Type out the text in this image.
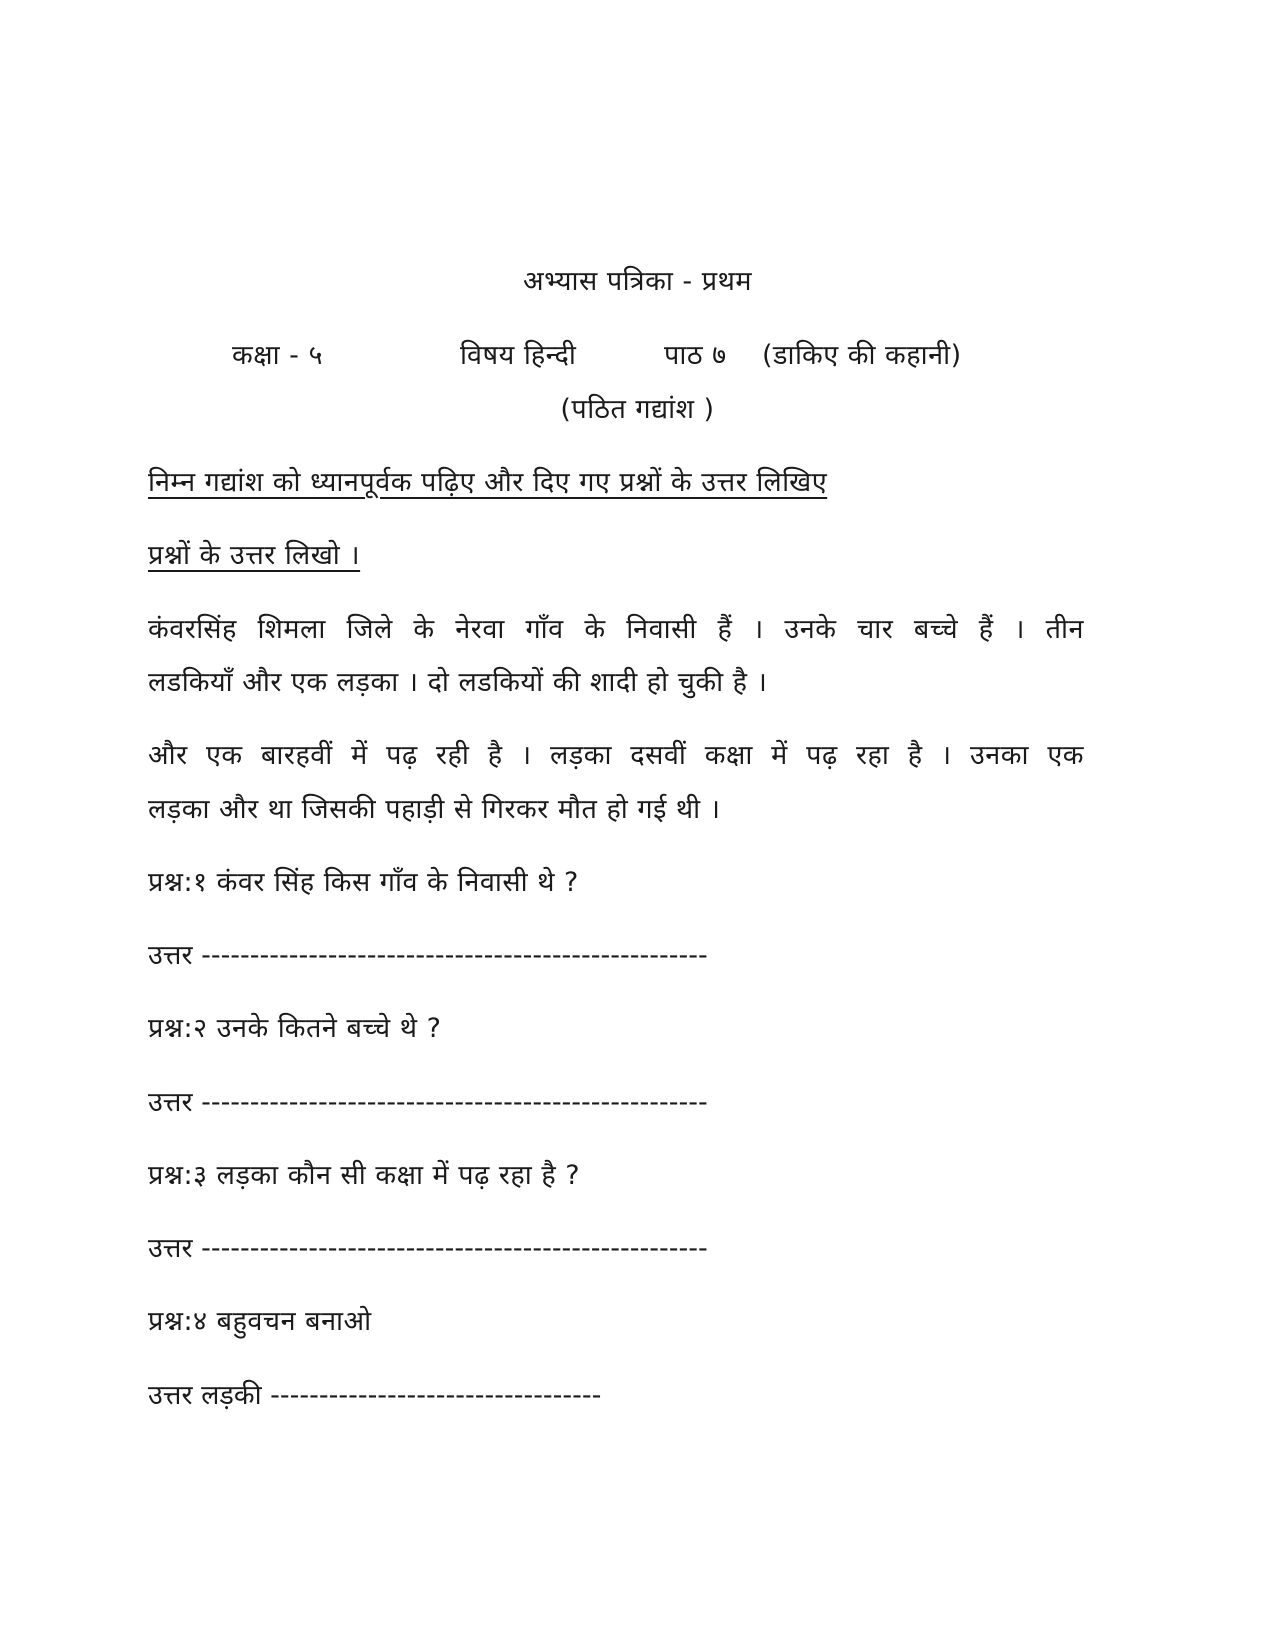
अभ्यास पत्रिका - प्रथम
कक्षा - ५	विषय हिन्दी	पाठ ७ (डाकिए की कहानी)
(पठित गद्यांश )
निम्न गद्यांश को ध्यानपूर्वक पढ़िए और दिए गए प्रश्नों के उत्तर लिखिए
प्रश्नों के उत्तर लिखो ।
कंवरसिंह शिमला जिले के नेरवा गाँव के निवासी हैं । उनके चार बच्चे हैं । तीन
लडकियाँ और एक लड़का । दो लडकियों की शादी हो चुकी है ।
और एक बारहवीं में पढ़ रही है । लड़का दसवीं कक्षा में पढ़ रहा है । उनका एक
लड़का और था जिसकी पहाड़ी से गिरकर मौत हो गई थी ।
प्रश्न:१ कंवर सिंह किस गाँव के निवासी थे ?
उत्तर ----------------------------------------------------
प्रश्न:२ उनके कितने बच्चे थे ?
उत्तर ----------------------------------------------------
प्रश्न:३ लड़का कौन सी कक्षा में पढ़ रहा है ?
उत्तर ----------------------------------------------------
प्रश्न:४ बहुवचन बनाओ
उत्तर लड़की ----------------------------------
